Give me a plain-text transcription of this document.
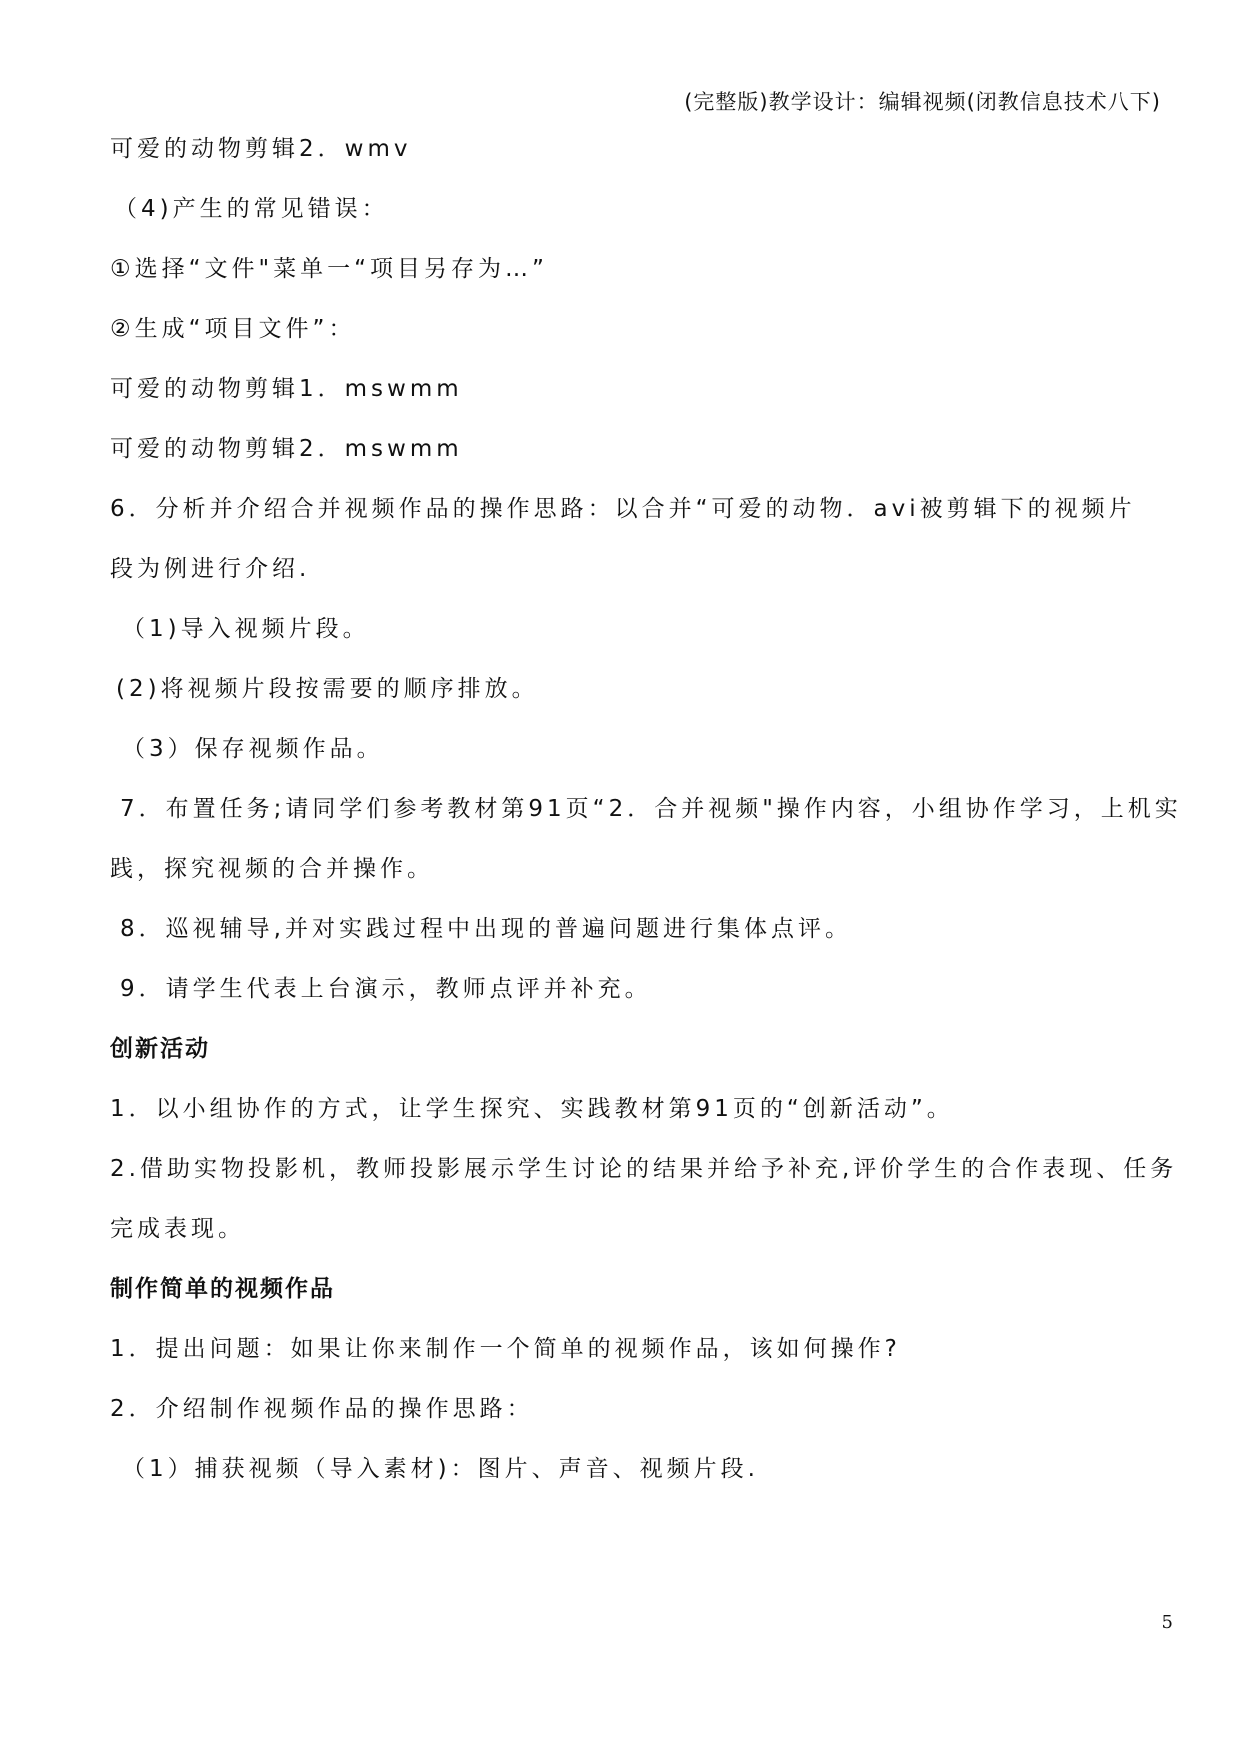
(完整版)教学设计：编辑视频(闭教信息技术八下)
可爱的动物剪辑2．wmv
（4)产生的常见错误：
①选择“文件"菜单一“项目另存为…”
②生成“项目文件”：
可爱的动物剪辑1．mswmm
可爱的动物剪辑2．mswmm
6．分析并介绍合并视频作品的操作思路：以合并“可爱的动物．avi被剪辑下的视频片
段为例进行介绍.
（1)导入视频片段。
(2)将视频片段按需要的顺序排放。
（3）保存视频作品。
7．布置任务;请同学们参考教材第91页“2．合并视频"操作内容，小组协作学习，上机实
践，探究视频的合并操作。
8．巡视辅导,并对实践过程中出现的普遍问题进行集体点评。
9．请学生代表上台演示，教师点评并补充。
创新活动
1．以小组协作的方式，让学生探究、实践教材第91页的“创新活动”。
2.借助实物投影机，教师投影展示学生讨论的结果并给予补充,评价学生的合作表现、任务
完成表现。
制作简单的视频作品
1．提出问题：如果让你来制作一个简单的视频作品，该如何操作?
2．介绍制作视频作品的操作思路：
（1）捕获视频（导入素材)：图片、声音、视频片段.
5
